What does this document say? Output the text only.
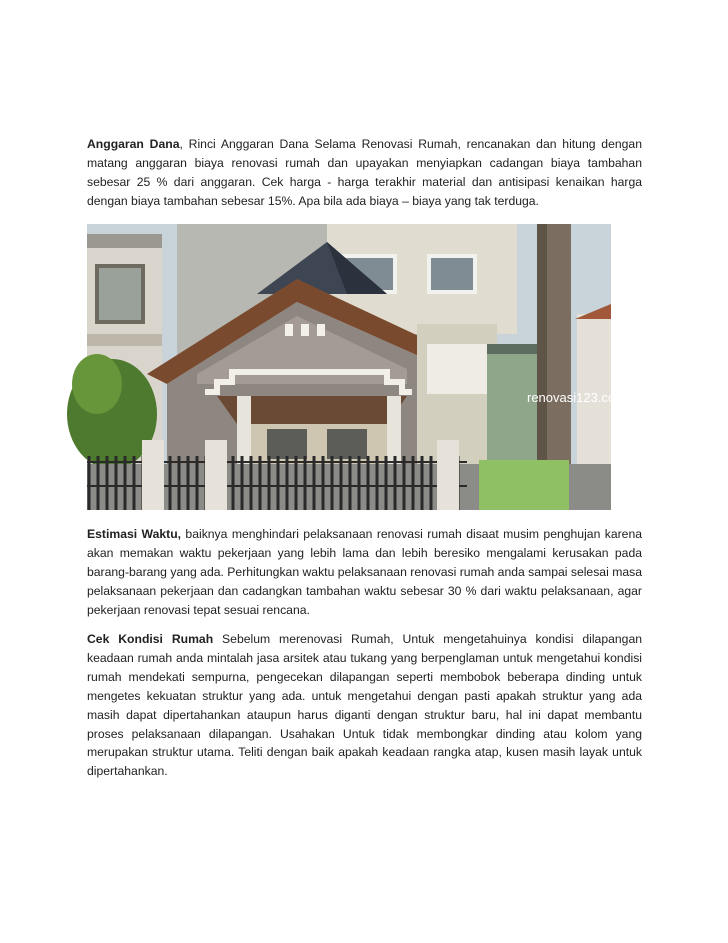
Anggaran Dana, Rinci Anggaran Dana Selama Renovasi Rumah, rencanakan dan hitung dengan matang anggaran biaya renovasi rumah dan upayakan menyiapkan cadangan biaya tambahan sebesar 25 % dari anggaran. Cek harga - harga terakhir material dan antisipasi kenaikan harga dengan biaya tambahan sebesar 15%. Apa bila ada biaya – biaya yang tak terduga.

renovasi123.com

Estimasi Waktu, baiknya menghindari pelaksanaan renovasi rumah disaat musim penghujan karena akan memakan waktu pekerjaan yang lebih lama dan lebih beresiko mengalami kerusakan pada barang-barang yang ada. Perhitungkan waktu pelaksanaan renovasi rumah anda sampai selesai masa pelaksanaan pekerjaan dan cadangkan tambahan waktu sebesar 30 % dari waktu pelaksanaan, agar pekerjaan renovasi tepat sesuai rencana.

Cek Kondisi Rumah Sebelum merenovasi Rumah, Untuk mengetahuinya kondisi dilapangan keadaan rumah anda mintalah jasa arsitek atau tukang yang berpenglaman untuk mengetahui kondisi rumah mendekati sempurna, pengecekan dilapangan seperti membobok beberapa dinding untuk mengetes kekuatan struktur yang ada. untuk mengetahui dengan pasti apakah struktur yang ada masih dapat dipertahankan ataupun harus diganti dengan struktur baru, hal ini dapat membantu proses pelaksanaan dilapangan. Usahakan Untuk tidak membongkar dinding atau kolom yang merupakan struktur utama. Teliti dengan baik apakah keadaan rangka atap, kusen masih layak untuk dipertahankan.
